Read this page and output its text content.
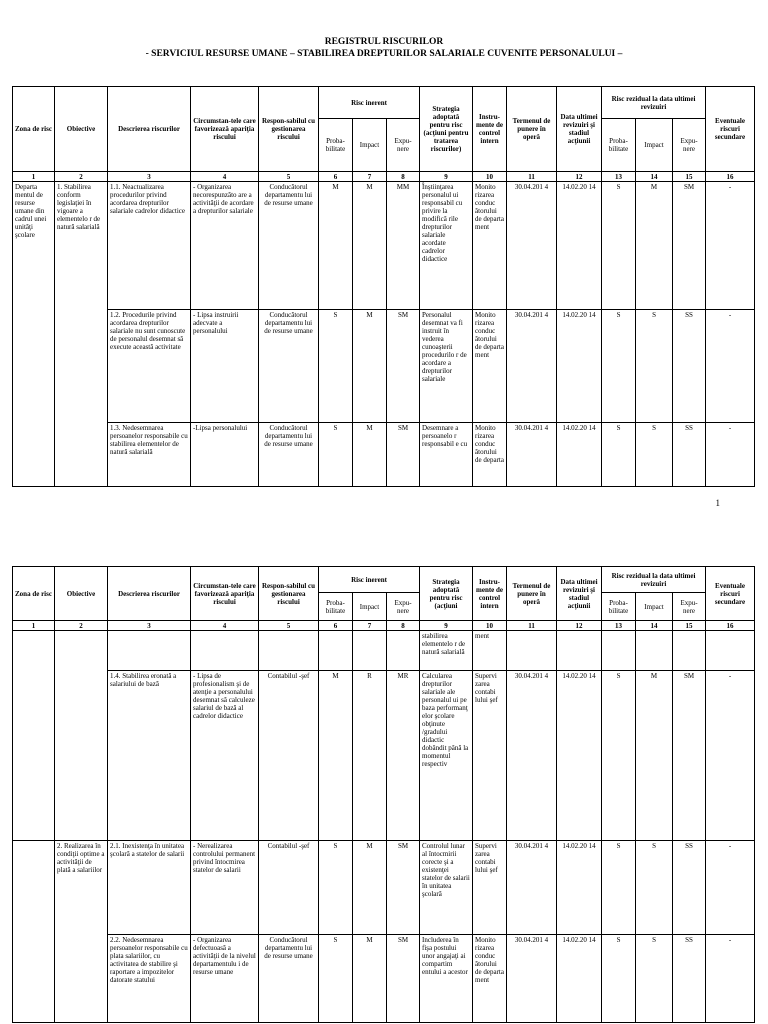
REGISTRUL RISCURILOR
- SERVICIUL RESURSE UMANE – STABILIREA DREPTURILOR SALARIALE CUVENITE PERSONALULUI –
Zona de risc	Obiective	Descrierea riscurilor	Circumstan-tele care favorizează apariţia riscului	Respon-sabilul cu gestionarea riscului	Risc inerent			Strategia adoptată pentru risc (acţiuni pentru tratarea riscurilor)	Instru-mente de control intern	Termenul de punere în operă	Data ultimei revizuiri şi stadiul acţiunii	Risc rezidual la data ultimei revizuiri			Eventuale riscuri secundare
					Proba-bilitate	Impact	Expu-nere					Proba-bilitate	Impact	Expu-nere	
1	2	3	4	5	6	7	8	9	10	11	12	13	14	15	16
Departa mentul de resurse umane din cadrul unei unităţi şcolare	1. Stabilirea conform legislaţiei în vigoare a elementelo r de natură salarială	1.1. Neactualizarea procedurilor privind acordarea drepturilor salariale cadrelor didactice	- Organizarea necorespunzăto are a activităţii de acordare a drepturilor salariale	Conducătorul departamentu lui de resurse umane	M	M	MM	Înştiinţarea personalul ui responsabil cu privire la modifică rile drepturilor salariale acordate cadrelor didactice	Monito rizarea conduc ătorului de departa ment	30.04.201 4	14.02.20 14	S	M	SM	-
		1.2. Procedurile privind acordarea drepturilor salariale nu sunt cunoscute de personalul desemnat să execute această activitate	- Lipsa instruirii adecvate a personalului	Conducătorul departamentu lui de resurse umane	S	M	SM	Personalul desemnat va fi instruit în vederea cunoaşterii procedurilo r de acordare a drepturilor salariale	Monito rizarea conduc ătorului de departa ment	30.04.201 4	14.02.20 14	S	S	SS	-
		1.3. Nedesemnarea persoanelor responsabile cu stabilirea elementelor de natură salarială	-Lipsa personalului	Conducătorul departamentu lui de resurse umane	S	M	SM	Desemnare a persoanelo r responsabil e cu	Monito rizarea conduc ătorului de departa	30.04.201 4	14.02.20 14	S	S	SS	-
1
Zona de risc	Obiective	Descrierea riscurilor	Circumstan-tele care favorizează apariţia riscului	Respon-sabilul cu gestionarea riscului	Risc inerent			Strategia adoptată pentru risc (acţiuni	Instru-mente de control intern	Termenul de punere în operă	Data ultimei revizuiri şi stadiul acţiunii	Risc rezidual la data ultimei revizuiri			Eventuale riscuri secundare
					Proba-bilitate	Impact	Expu-nere					Proba-bilitate	Impact	Expu-nere	
1	2	3	4	5	6	7	8	9	10	11	12	13	14	15	16
								stabilirea elementelo r de natură salarială	ment						
		1.4. Stabilirea eronată a salariului de bază	- Lipsa de profesionalism şi de atenţie a personalului desemnat să calculeze salariul de bază al cadrelor didactice	Contabilul -şef	M	R	MR	Calcularea drepturilor salariale ale personalul ui pe baza performanţ elor şcolare obţinute /gradului didactic dobândit până la momentul respectiv	Supervi zarea contabi lului şef	30.04.201 4	14.02.20 14	S	M	SM	-
	2. Realizarea în condiţii optime a activităţii de plată a salariilor	2.1. Inexistenţa în unitatea şcolară a statelor de salarii	- Nerealizarea controlului permanent privind întocmirea statelor de salarii	Contabilul -şef	S	M	SM	Controlul lunar al întocmirii corecte şi a existenţei statelor de salarii în unitatea şcolară	Supervi zarea contabi lului şef	30.04.201 4	14.02.20 14	S	S	SS	-
		2.2. Nedesemnarea persoanelor responsabile cu plata salariilor, cu activitatea de stabilire şi raportare a impozitelor datorate statului	- Organizarea defectuoasă a activităţii de la nivelul departamentulu i de resurse umane	Conducătorul departamentu lui de resurse umane	S	M	SM	Includerea în fişa postului unor angajaţi ai compartim entului a acestor	Monito rizarea conduc ătorului de departa ment	30.04.201 4	14.02.20 14	S	S	SS	-
